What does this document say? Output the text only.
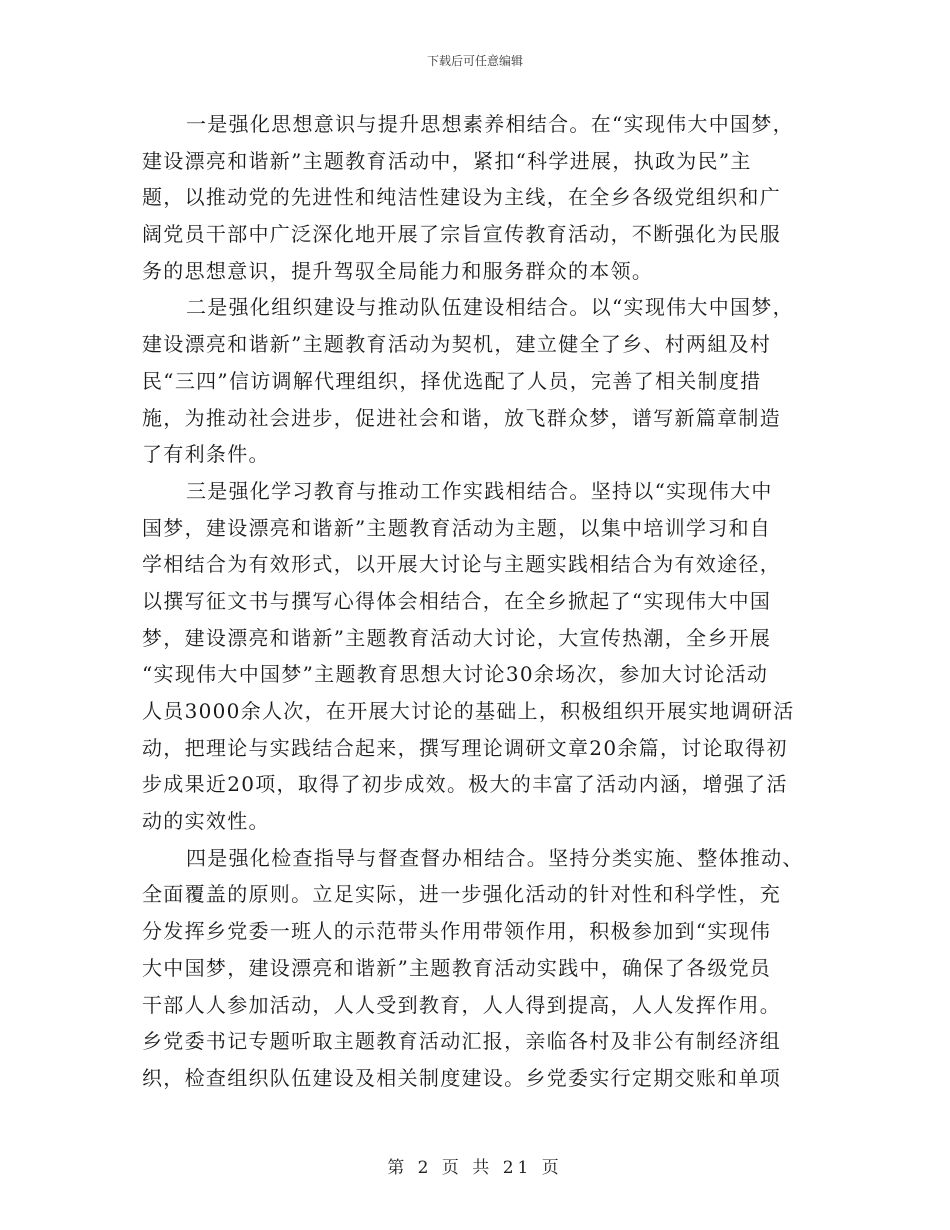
下载后可任意编辑
一是强化思想意识与提升思想素养相结合。在“实现伟大中国梦，
建设漂亮和谐新”主题教育活动中，紧扣“科学进展，执政为民”主
题，以推动党的先进性和纯洁性建设为主线，在全乡各级党组织和广
阔党员干部中广泛深化地开展了宗旨宣传教育活动，不断强化为民服
务的思想意识，提升驾驭全局能力和服务群众的本领。
二是强化组织建设与推动队伍建设相结合。以“实现伟大中国梦，
建设漂亮和谐新”主题教育活动为契机，建立健全了乡、村两組及村
民“三四”信访调解代理组织，择优选配了人员，完善了相关制度措
施，为推动社会进步，促进社会和谐，放飞群众梦，谱写新篇章制造
了有利条件。
三是强化学习教育与推动工作实践相结合。坚持以“实现伟大中
国梦，建设漂亮和谐新”主题教育活动为主题，以集中培训学习和自
学相结合为有效形式，以开展大讨论与主题实践相结合为有效途径，
以撰写征文书与撰写心得体会相结合，在全乡掀起了“实现伟大中国
梦，建设漂亮和谐新”主题教育活动大讨论，大宣传热潮，全乡开展
“实现伟大中国梦”主题教育思想大讨论30余场次，参加大讨论活动
人员3000余人次，在开展大讨论的基础上，积极组织开展实地调研活
动，把理论与实践结合起来，撰写理论调研文章20余篇，讨论取得初
步成果近20项，取得了初步成效。极大的丰富了活动内涵，增强了活
动的实效性。
四是强化检查指导与督查督办相结合。坚持分类实施、整体推动、
全面覆盖的原则。立足实际，进一步强化活动的针对性和科学性，充
分发挥乡党委一班人的示范带头作用带领作用，积极参加到“实现伟
大中国梦，建设漂亮和谐新”主题教育活动实践中，确保了各级党员
干部人人参加活动，人人受到教育，人人得到提高，人人发挥作用。
乡党委书记专题听取主题教育活动汇报，亲临各村及非公有制经济组
织，检查组织队伍建设及相关制度建设。乡党委实行定期交账和单项
第 2 页 共 21 页
